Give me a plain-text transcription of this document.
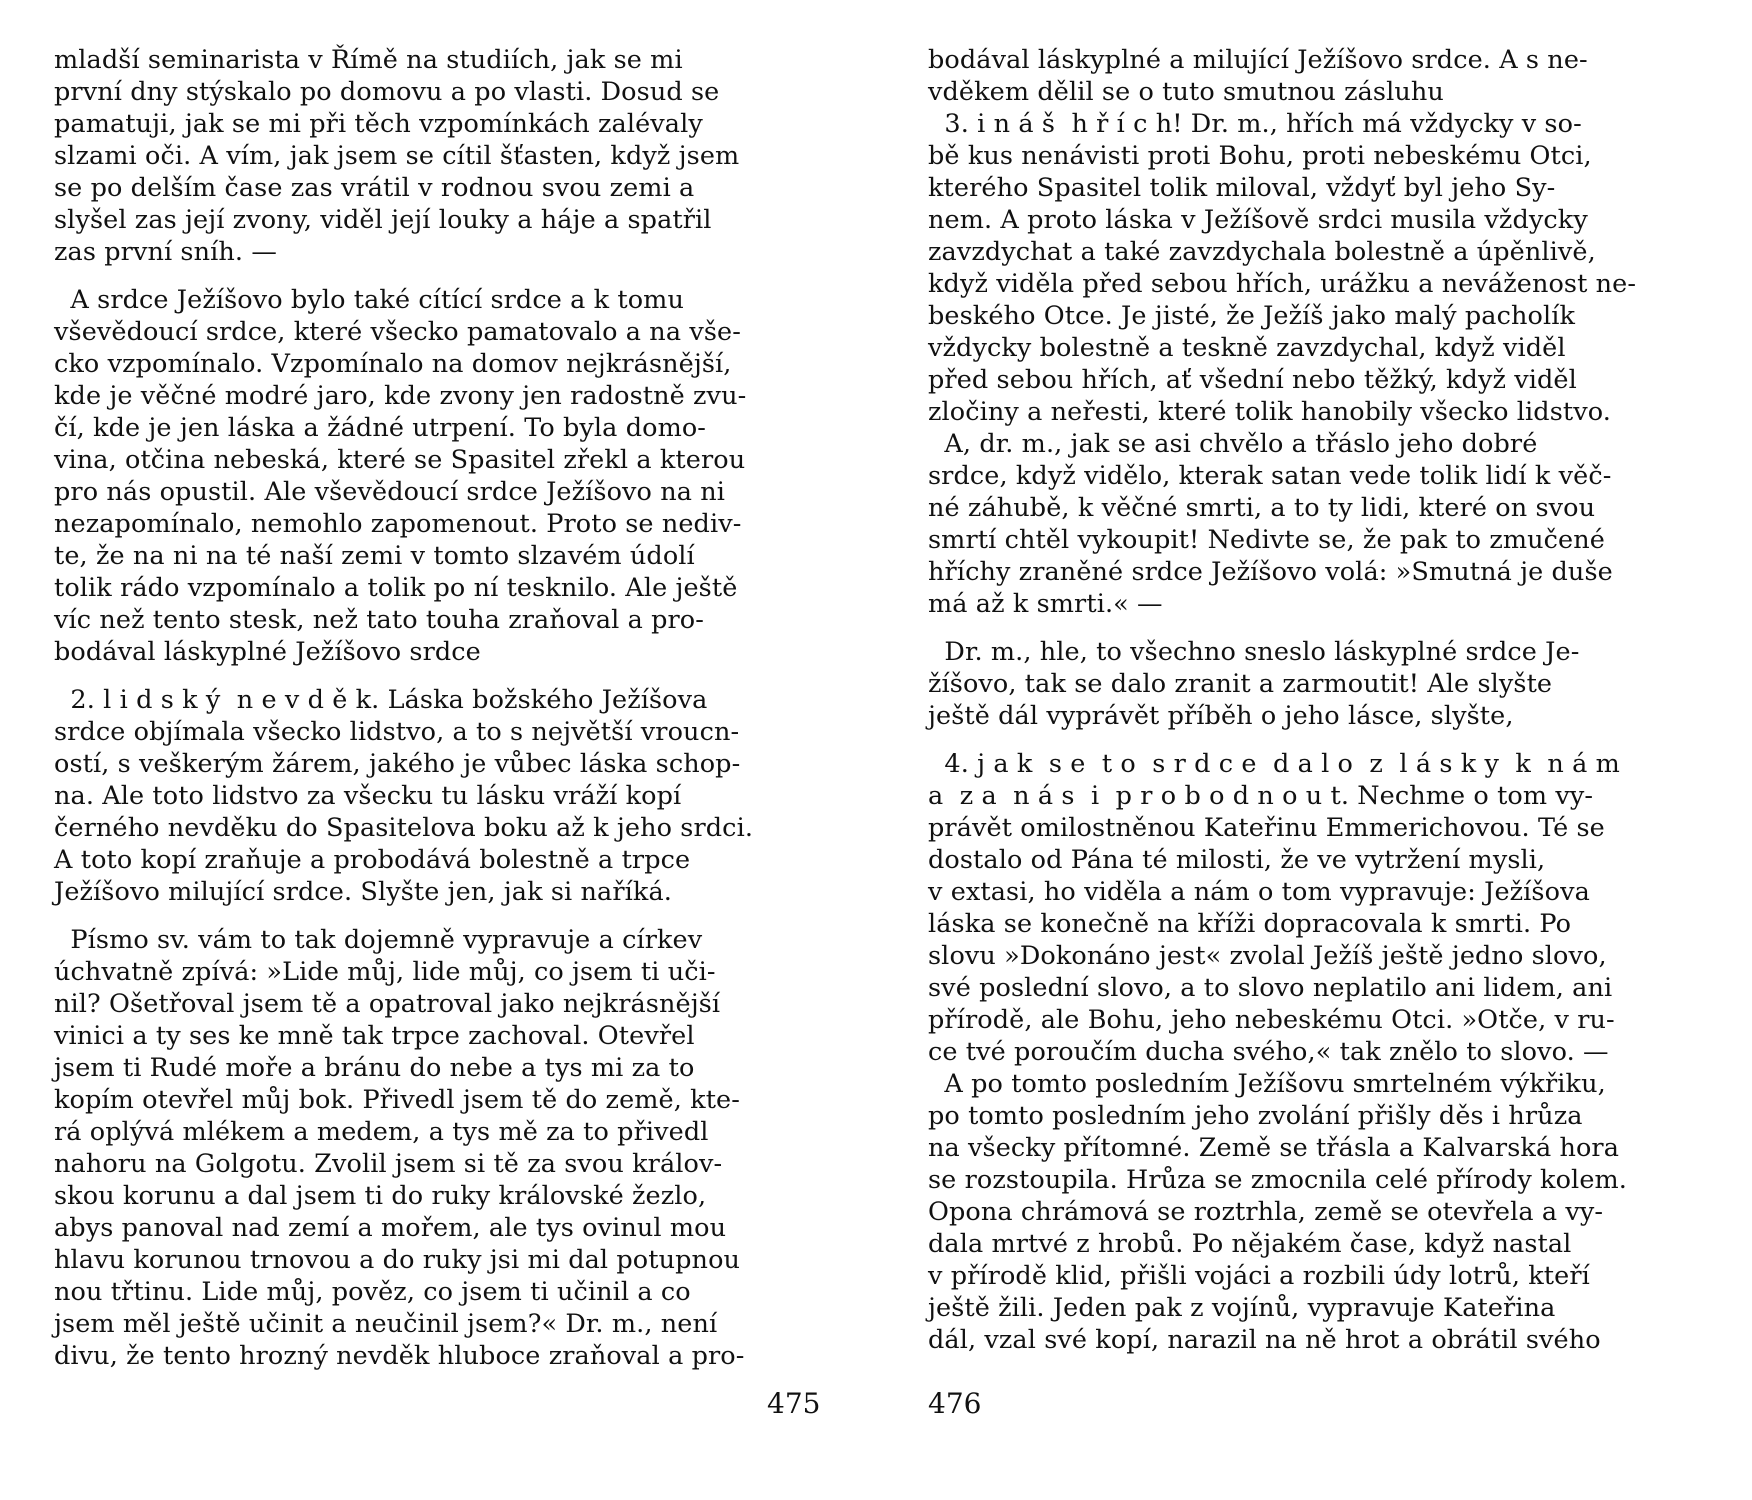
mladší seminarista v Římě na studiích, jak se mi
první dny stýskalo po domovu a po vlasti. Dosud se
pamatuji, jak se mi při těch vzpomínkách zalévaly
slzami oči. A vím, jak jsem se cítil šťasten, když jsem
se po delším čase zas vrátil v rodnou svou zemi a
slyšel zas její zvony, viděl její louky a háje a spatřil
zas první sníh. —
A srdce Ježíšovo bylo také cítící srdce a k tomu
vševědoucí srdce, které všecko pamatovalo a na vše-
cko vzpomínalo. Vzpomínalo na domov nejkrásnější,
kde je věčné modré jaro, kde zvony jen radostně zvu-
čí, kde je jen láska a žádné utrpení. To byla domo-
vina, otčina nebeská, které se Spasitel zřekl a kterou
pro nás opustil. Ale vševědoucí srdce Ježíšovo na ni
nezapomínalo, nemohlo zapomenout. Proto se nediv-
te, že na ni na té naší zemi v tomto slzavém údolí
tolik rádo vzpomínalo a tolik po ní tesknilo. Ale ještě
víc než tento stesk, než tato touha zraňoval a pro-
bodával láskyplné Ježíšovo srdce
2. l i d s k ý  n e v d ě k. Láska božského Ježíšova
srdce objímala všecko lidstvo, a to s největší vroucn-
ostí, s veškerým žárem, jakého je vůbec láska schop-
na. Ale toto lidstvo za všecku tu lásku vráží kopí
černého nevděku do Spasitelova boku až k jeho srdci.
A toto kopí zraňuje a probodává bolestně a trpce
Ježíšovo milující srdce. Slyšte jen, jak si naříká.
Písmo sv. vám to tak dojemně vypravuje a církev
úchvatně zpívá: »Lide můj, lide můj, co jsem ti uči-
nil? Ošetřoval jsem tě a opatroval jako nejkrásnější
vinici a ty ses ke mně tak trpce zachoval. Otevřel
jsem ti Rudé moře a bránu do nebe a tys mi za to
kopím otevřel můj bok. Přivedl jsem tě do země, kte-
rá oplývá mlékem a medem, a tys mě za to přivedl
nahoru na Golgotu. Zvolil jsem si tě za svou králov-
skou korunu a dal jsem ti do ruky královské žezlo,
abys panoval nad zemí a mořem, ale tys ovinul mou
hlavu korunou trnovou a do ruky jsi mi dal potupnou
nou třtinu. Lide můj, pověz, co jsem ti učinil a co
jsem měl ještě učinit a neučinil jsem?« Dr. m., není
divu, že tento hrozný nevděk hluboce zraňoval a pro-
bodával láskyplné a milující Ježíšovo srdce. A s ne-
vděkem dělil se o tuto smutnou zásluhu
3. i n á š  h ř í c h! Dr. m., hřích má vždycky v so-
bě kus nenávisti proti Bohu, proti nebeskému Otci,
kterého Spasitel tolik miloval, vždyť byl jeho Sy-
nem. A proto láska v Ježíšově srdci musila vždycky
zavzdychat a také zavzdychala bolestně a úpěnlivě,
když viděla před sebou hřích, urážku a neváženost ne-
beského Otce. Je jisté, že Ježíš jako malý pacholík
vždycky bolestně a teskně zavzdychal, když viděl
před sebou hřích, ať všední nebo těžký, když viděl
zločiny a neřesti, které tolik hanobily všecko lidstvo.
A, dr. m., jak se asi chvělo a třáslo jeho dobré
srdce, když vidělo, kterak satan vede tolik lidí k věč-
né záhubě, k věčné smrti, a to ty lidi, které on svou
smrtí chtěl vykoupit! Nedivte se, že pak to zmučené
hříchy zraněné srdce Ježíšovo volá: »Smutná je duše
má až k smrti.« —
Dr. m., hle, to všechno sneslo láskyplné srdce Je-
žíšovo, tak se dalo zranit a zarmoutit! Ale slyšte
ještě dál vyprávět příběh o jeho lásce, slyšte,
4. j a k  s e  t o  s r d c e  d a l o  z  l á s k y  k  n á m
a  z a  n á s  i  p r o b o d n o u t. Nechme o tom vy-
právět omilostněnou Kateřinu Emmerichovou. Té se
dostalo od Pána té milosti, že ve vytržení mysli,
v extasi, ho viděla a nám o tom vypravuje: Ježíšova
láska se konečně na kříži dopracovala k smrti. Po
slovu »Dokonáno jest« zvolal Ježíš ještě jedno slovo,
své poslední slovo, a to slovo neplatilo ani lidem, ani
přírodě, ale Bohu, jeho nebeskému Otci. »Otče, v ru-
ce tvé poroučím ducha svého,« tak znělo to slovo. —
A po tomto posledním Ježíšovu smrtelném výkřiku,
po tomto posledním jeho zvolání přišly děs i hrůza
na všecky přítomné. Země se třásla a Kalvarská hora
se rozstoupila. Hrůza se zmocnila celé přírody kolem.
Opona chrámová se roztrhla, země se otevřela a vy-
dala mrtvé z hrobů. Po nějakém čase, když nastal
v přírodě klid, přišli vojáci a rozbili údy lotrů, kteří
ještě žili. Jeden pak z vojínů, vypravuje Kateřina
dál, vzal své kopí, narazil na ně hrot a obrátil svého
475	476
